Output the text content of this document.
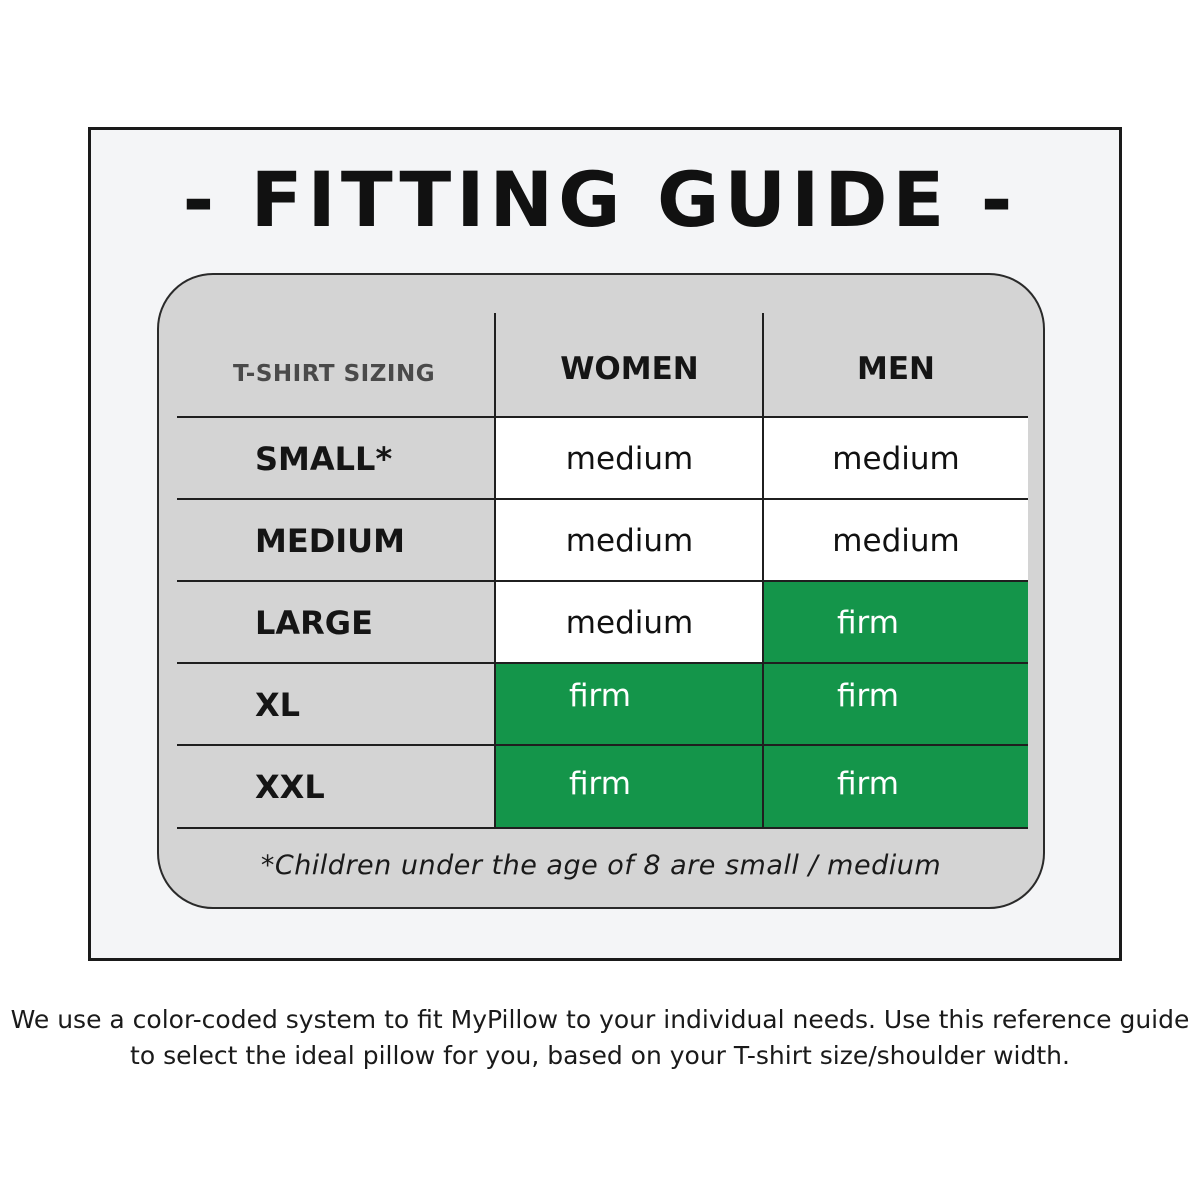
- FITTING GUIDE -
T-SHIRT SIZING	WOMEN	MEN
SMALL*	medium	medium
MEDIUM	medium	medium
LARGE	medium	firm
XL	firm	firm
XXL	firm	firm
*Children under the age of 8 are small / medium
We use a color-coded system to fit MyPillow to your individual needs. Use this reference guide
to select the ideal pillow for you, based on your T-shirt size/shoulder width.
